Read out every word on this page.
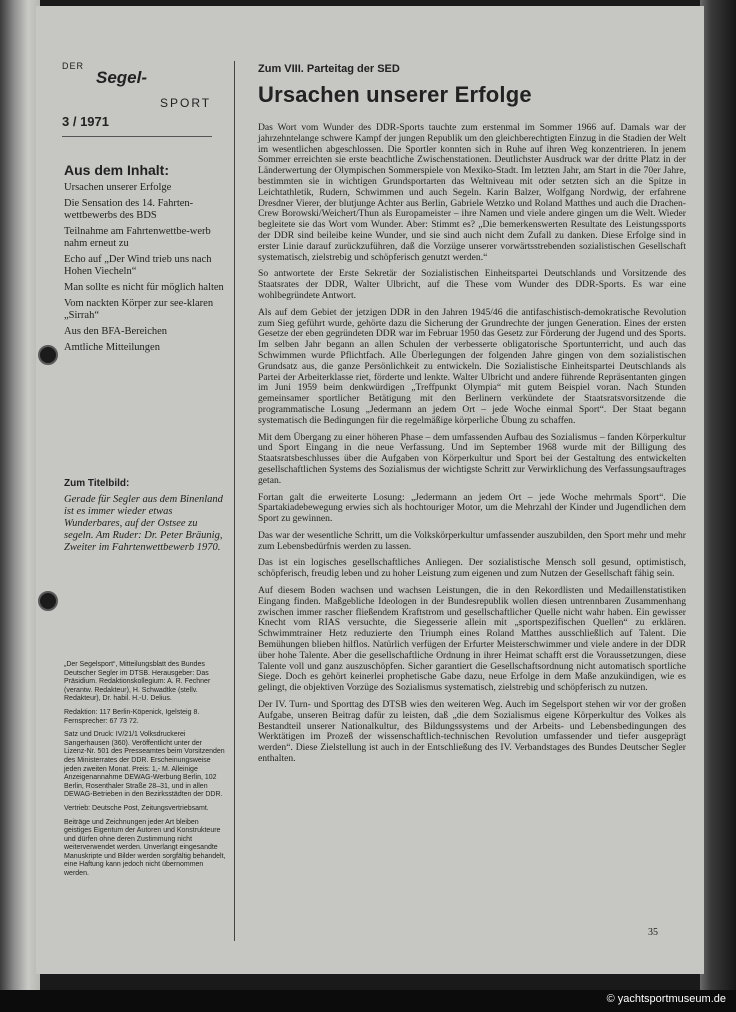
DER
Segel-
SPORT
3 / 1971
Aus dem Inhalt:
Ursachen unserer Erfolge
Die Sensation des 14. Fahrten-wettbewerbs des BDS
Teilnahme am Fahrtenwettbe-werb nahm erneut zu
Echo auf „Der Wind trieb uns nach Hohen Viecheln“
Man sollte es nicht für möglich halten
Vom nackten Körper zur see-klaren „Sirrah“
Aus den BFA-Bereichen
Amtliche Mitteilungen
Zum Titelbild:
Gerade für Segler aus dem Binenland ist es immer wieder etwas Wunderbares, auf der Ostsee zu segeln. Am Ruder: Dr. Peter Bräunig, Zweiter im Fahrtenwettbewerb 1970.

„Der Segelsport“, Mitteilungsblatt des Bundes Deutscher Segler im DTSB. Herausgeber: Das Präsidium. Redaktionskollegium: A. R. Fechner (verantw. Redakteur), H. Schwadtke (stellv. Redakteur), Dr. habil. H.-U. Delius.

Redaktion: 117 Berlin-Köpenick, Igelsteig 8. Fernsprecher: 67 73 72.

Satz und Druck: IV/21/1 Volksdruckerei Sangerhausen (360). Veröffentlicht unter der Lizenz-Nr. 501 des Presseamtes beim Vorsitzenden des Ministerrates der DDR. Erscheinungsweise jeden zweiten Monat. Preis: 1,- M. Alleinige Anzeigenannahme DEWAG-Werbung Berlin, 102 Berlin, Rosenthaler Straße 28–31, und in allen DEWAG-Betrieben in den Bezirksstädten der DDR.

Vertrieb: Deutsche Post, Zeitungsvertriebsamt.

Beiträge und Zeichnungen jeder Art bleiben geistiges Eigentum der Autoren und Konstrukteure und dürfen ohne deren Zustimmung nicht weiterverwendet werden. Unverlangt eingesandte Manuskripte und Bilder werden sorgfältig behandelt, eine Haftung kann jedoch nicht übernommen werden.

Zum VIII. Parteitag der SED
Ursachen unserer Erfolge

Das Wort vom Wunder des DDR-Sports tauchte zum erstenmal im Sommer 1966 auf. Damals war der jahrzehntelange schwere Kampf der jungen Republik um den gleichberechtigten Einzug in die Stadien der Welt im wesentlichen abgeschlossen. Die Sportler konnten sich in Ruhe auf ihren Weg konzentrieren. In jenem Sommer erreichten sie erste beachtliche Zwischenstationen. Deutlichster Ausdruck war der dritte Platz in der Länderwertung der Olympischen Sommerspiele von Mexiko-Stadt. Im letzten Jahr, am Start in die 70er Jahre, bestimmten sie in wichtigen Grundsportarten das Weltniveau mit oder setzten sich an die Spitze in Leichtathletik, Rudern, Schwimmen und auch Segeln. Karin Balzer, Wolfgang Nordwig, der erfahrene Dresdner Vierer, der blutjunge Achter aus Berlin, Gabriele Wetzko und Roland Matthes und auch die Drachen-Crew Borowski/Weichert/Thun als Europameister – ihre Namen und viele andere gingen um die Welt. Wieder begleitete sie das Wort vom Wunder. Aber: Stimmt es? „Die bemerkenswerten Resultate des Leistungssports der DDR sind beileibe keine Wunder, und sie sind auch nicht dem Zufall zu danken. Diese Erfolge sind in erster Linie darauf zurückzuführen, daß die Vorzüge unserer vorwärtsstrebenden sozialistischen Gesellschaft systematisch, zielstrebig und schöpferisch genutzt werden.“

So antwortete der Erste Sekretär der Sozialistischen Einheitspartei Deutschlands und Vorsitzende des Staatsrates der DDR, Walter Ulbricht, auf die These vom Wunder des DDR-Sports. Es war eine wohlbegründete Antwort.

Als auf dem Gebiet der jetzigen DDR in den Jahren 1945/46 die antifaschistisch-demokratische Revolution zum Sieg geführt wurde, gehörte dazu die Sicherung der Grundrechte der jungen Generation. Eines der ersten Gesetze der eben gegründeten DDR war im Februar 1950 das Gesetz zur Förderung der Jugend und des Sports. Im selben Jahr begann an allen Schulen der verbesserte obligatorische Sportunterricht, und auch das Schwimmen wurde Pflichtfach. Alle Überlegungen der folgenden Jahre gingen von dem sozialistischen Grundsatz aus, die ganze Persönlichkeit zu entwickeln. Die Sozialistische Einheitspartei Deutschlands als Partei der Arbeiterklasse riet, förderte und lenkte. Walter Ulbricht und andere führende Repräsentanten gingen im Juni 1959 beim denkwürdigen „Treffpunkt Olympia“ mit gutem Beispiel voran. Nach Stunden gemeinsamer sportlicher Betätigung mit den Berlinern verkündete der Staatsratsvorsitzende die programmatische Losung „Jedermann an jedem Ort – jede Woche einmal Sport“. Der Staat begann systematisch die Bedingungen für die regelmäßige körperliche Übung zu schaffen.

Mit dem Übergang zu einer höheren Phase – dem umfassenden Aufbau des Sozialismus – fanden Körperkultur und Sport Eingang in die neue Verfassung. Und im September 1968 wurde mit der Billigung des Staatsratsbeschlusses über die Aufgaben von Körperkultur und Sport bei der Gestaltung des entwickelten gesellschaftlichen Systems des Sozialismus der wichtigste Schritt zur Verwirklichung des Verfassungsauftrages getan.

Fortan galt die erweiterte Losung: „Jedermann an jedem Ort – jede Woche mehrmals Sport“. Die Spartakiadebewegung erwies sich als hochtouriger Motor, um die Mehrzahl der Kinder und Jugendlichen dem Sport zu gewinnen.

Das war der wesentliche Schritt, um die Volkskörperkultur umfassender auszubilden, den Sport mehr und mehr zum Lebensbedürfnis werden zu lassen.

Das ist ein logisches gesellschaftliches Anliegen. Der sozialistische Mensch soll gesund, optimistisch, schöpferisch, freudig leben und zu hoher Leistung zum eigenen und zum Nutzen der Gesellschaft fähig sein.

Auf diesem Boden wachsen und wachsen Leistungen, die in den Rekordlisten und Medaillenstatistiken Eingang finden. Maßgebliche Ideologen in der Bundesrepublik wollen diesen untrennbaren Zusammenhang zwischen immer rascher fließendem Kraftstrom und gesellschaftlicher Quelle nicht wahr haben. Ein gewisser Knecht vom RIAS versuchte, die Siegesserie allein mit „sportspezifischen Quellen“ zu erklären. Schwimmtrainer Hetz reduzierte den Triumph eines Roland Matthes ausschließlich auf Talent. Die Bemühungen blieben hilflos. Natürlich verfügen der Erfurter Meisterschwimmer und viele andere in der DDR über hohe Talente. Aber die gesellschaftliche Ordnung in ihrer Heimat schafft erst die Voraussetzungen, diese Talente voll und ganz auszuschöpfen. Sicher garantiert die Gesellschaftsordnung nicht automatisch sportliche Siege. Doch es gehört keinerlei prophetische Gabe dazu, neue Erfolge in dem Maße anzukündigen, wie es gelingt, die objektiven Vorzüge des Sozialismus systematisch, zielstrebig und schöpferisch zu nutzen.

Der IV. Turn- und Sporttag des DTSB wies den weiteren Weg. Auch im Segelsport stehen wir vor der großen Aufgabe, unseren Beitrag dafür zu leisten, daß „die dem Sozialismus eigene Körperkultur des Volkes als Bestandteil unserer Nationalkultur, des Bildungssystems und der Arbeits- und Lebensbedingungen des Werktätigen im Prozeß der wissenschaftlich-technischen Revolution umfassender und tiefer ausgeprägt werden“. Diese Zielstellung ist auch in der Entschließung des IV. Verbandstages des Bundes Deutscher Segler enthalten.

35
© yachtsportmuseum.de
